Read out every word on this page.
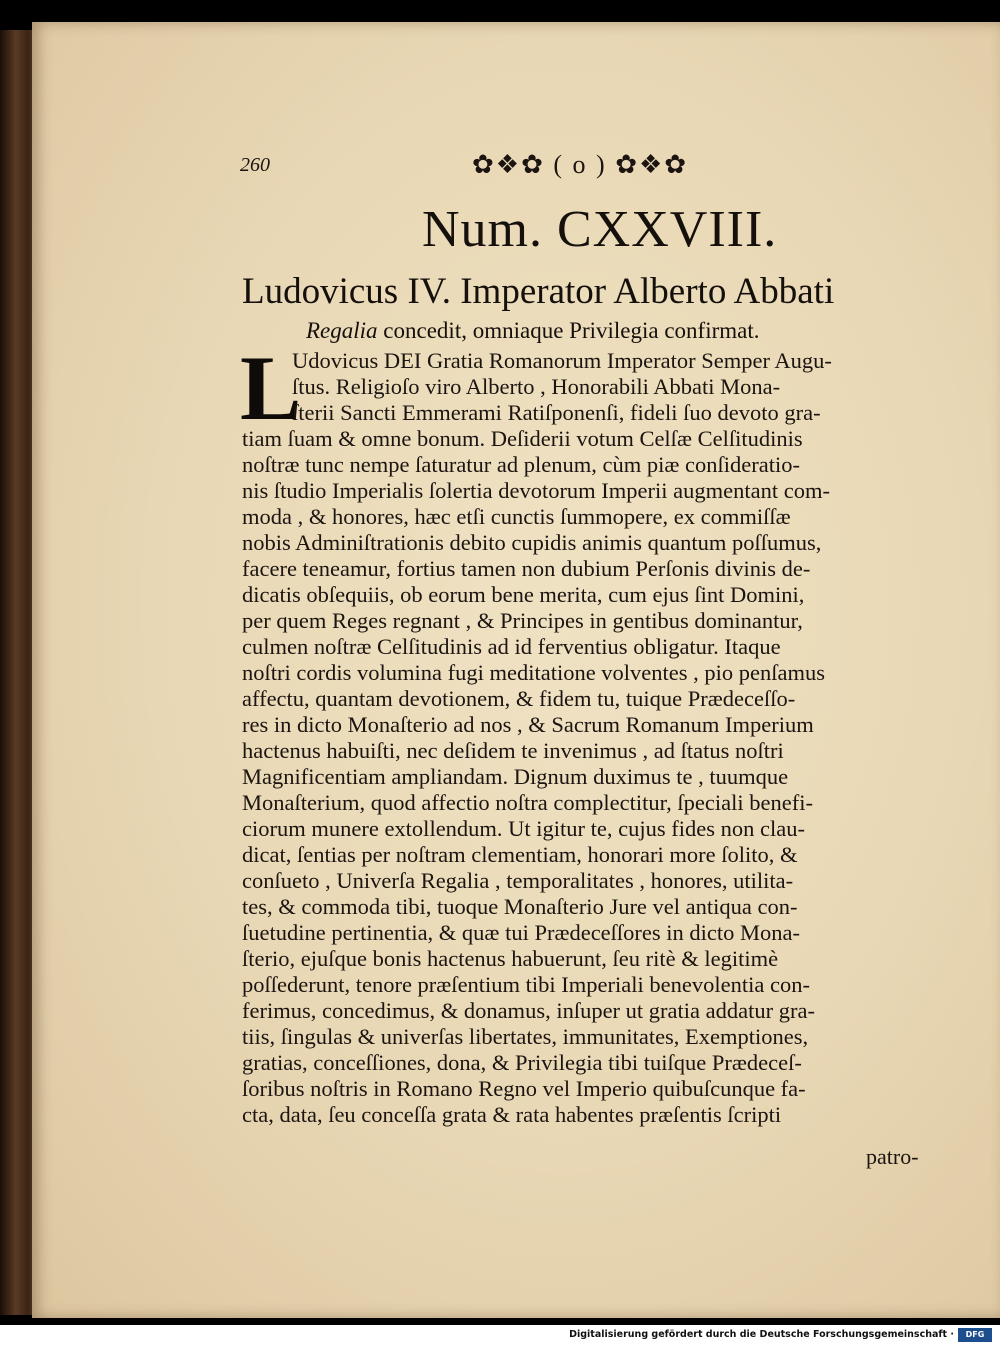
260	✿❖✿ ( o ) ✿❖✿
Num. CXXVIII.
Ludovicus IV. Imperator Alberto Abbati
Regalia concedit, omniaque Privilegia confirmat.
L
Udovicus DEI Gratia Romanorum Imperator Semper Augu-
ſtus. Religioſo viro Alberto , Honorabili Abbati Mona-
ſterii Sancti Emmerami Ratiſponenſi, fideli ſuo devoto gra-
tiam ſuam & omne bonum. Deſiderii votum Celſæ Celſitudinis
noſtræ tunc nempe ſaturatur ad plenum, cùm piæ conſideratio-
nis ſtudio Imperialis ſolertia devotorum Imperii augmentant com-
moda , & honores, hæc etſi cunctis ſummopere, ex commiſſæ
nobis Adminiſtrationis debito cupidis animis quantum poſſumus,
facere teneamur, fortius tamen non dubium Perſonis divinis de-
dicatis obſequiis, ob eorum bene merita, cum ejus ſint Domini,
per quem Reges regnant , & Principes in gentibus dominantur,
culmen noſtræ Celſitudinis ad id ferventius obligatur. Itaque
noſtri cordis volumina fugi meditatione volventes , pio penſamus
affectu, quantam devotionem, & fidem tu, tuique Prædeceſſo-
res in dicto Monaſterio ad nos , & Sacrum Romanum Imperium
hactenus habuiſti, nec deſidem te invenimus , ad ſtatus noſtri
Magnificentiam ampliandam. Dignum duximus te , tuumque
Monaſterium, quod affectio noſtra complectitur, ſpeciali benefi-
ciorum munere extollendum. Ut igitur te, cujus fides non clau-
dicat, ſentias per noſtram clementiam, honorari more ſolito, &
conſueto , Univerſa Regalia , temporalitates , honores, utilita-
tes, & commoda tibi, tuoque Monaſterio Jure vel antiqua con-
ſuetudine pertinentia, & quæ tui Prædeceſſores in dicto Mona-
ſterio, ejuſque bonis hactenus habuerunt, ſeu ritè & legitimè
poſſederunt, tenore præſentium tibi Imperiali benevolentia con-
ferimus, concedimus, & donamus, inſuper ut gratia addatur gra-
tiis, ſingulas & univerſas libertates, immunitates, Exemptiones,
gratias, conceſſiones, dona, & Privilegia tibi tuiſque Prædeceſ-
ſoribus noſtris in Romano Regno vel Imperio quibuſcunque fa-
cta, data, ſeu conceſſa grata & rata habentes præſentis ſcripti
patro-
Digitalisierung gefördert durch die Deutsche Forschungsgemeinschaft ·	DFG
